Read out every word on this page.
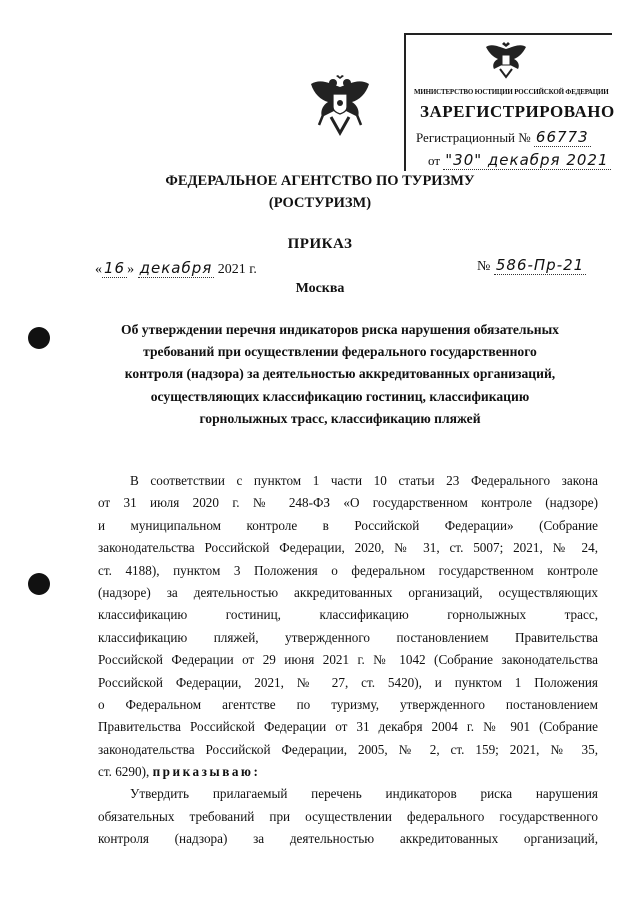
МИНИСТЕРСТВО ЮСТИЦИИ РОССИЙСКОЙ ФЕДЕРАЦИИ
ЗАРЕГИСТРИРОВАНО
Регистрационный № 66773
от "30" декабря 2021
ФЕДЕРАЛЬНОЕ АГЕНТСТВО ПО ТУРИЗМУ
(РОСТУРИЗМ)
ПРИКАЗ
« 16 » декабря 2021 г.	№ 586-Пр-21
Москва
Об утверждении перечня индикаторов риска нарушения обязательных
требований при осуществлении федерального государственного
контроля (надзора) за деятельностью аккредитованных организаций,
осуществляющих классификацию гостиниц, классификацию
горнолыжных трасс, классификацию пляжей
В соответствии с пунктом 1 части 10 статьи 23 Федерального закона
от 31 июля 2020 г. № 248-ФЗ «О государственном контроле (надзоре)
и муниципальном контроле в Российской Федерации» (Собрание
законодательства Российской Федерации, 2020, № 31, ст. 5007; 2021, № 24,
ст. 4188), пунктом 3 Положения о федеральном государственном контроле
(надзоре) за деятельностью аккредитованных организаций, осуществляющих
классификацию гостиниц, классификацию горнолыжных трасс,
классификацию пляжей, утвержденного постановлением Правительства
Российской Федерации от 29 июня 2021 г. № 1042 (Собрание законодательства
Российской Федерации, 2021, № 27, ст. 5420), и пунктом 1 Положения
о Федеральном агентстве по туризму, утвержденного постановлением
Правительства Российской Федерации от 31 декабря 2004 г. № 901 (Собрание
законодательства Российской Федерации, 2005, № 2, ст. 159; 2021, № 35,
ст. 6290), приказываю:
Утвердить прилагаемый перечень индикаторов риска нарушения
обязательных требований при осуществлении федерального государственного
контроля (надзора) за деятельностью аккредитованных организаций,
